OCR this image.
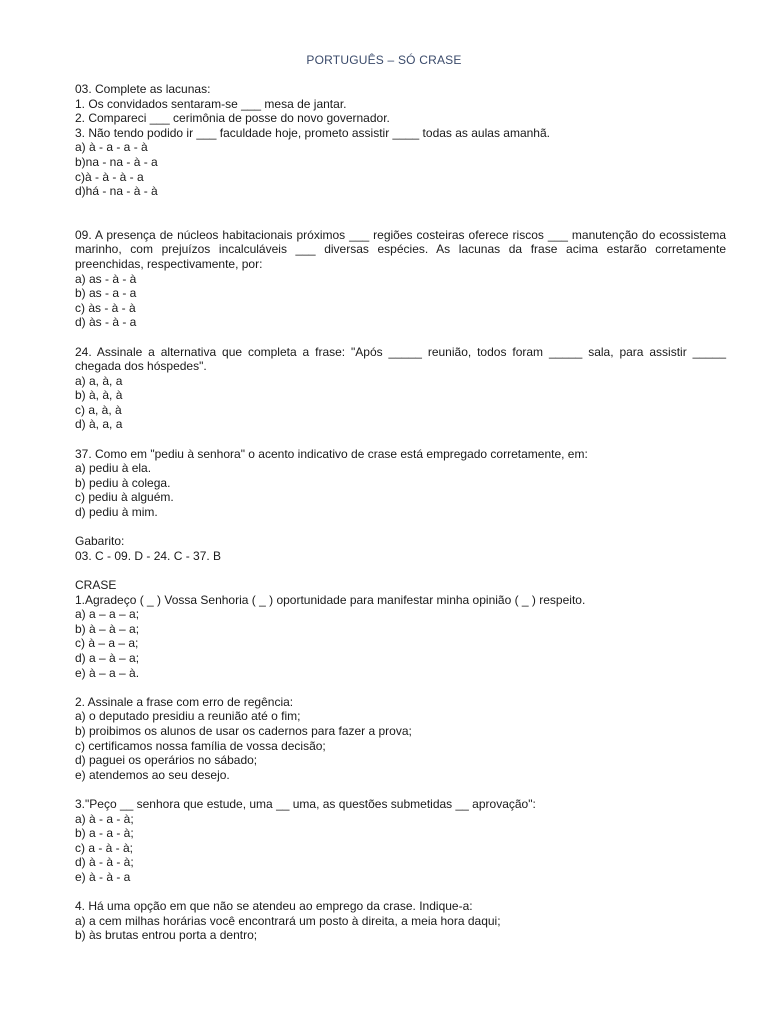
PORTUGUÊS – SÓ CRASE
03. Complete as lacunas:
1. Os convidados sentaram-se ___ mesa de jantar.
2. Compareci ___ cerimônia de posse do novo governador.
3. Não tendo podido ir ___ faculdade hoje, prometo assistir ____ todas as aulas amanhã.
a) à - a - a - à
b)na - na - à - a
c)à - à - à - a
d)há - na - à - à
09. A presença de núcleos habitacionais próximos ___ regiões costeiras oferece riscos ___ manutenção do ecossistema marinho, com prejuízos incalculáveis ___ diversas espécies. As lacunas da frase acima estarão corretamente preenchidas, respectivamente, por:
a) as - à - à
b) as - a - a
c) às - à - à
d) às - à - a
24. Assinale a alternativa que completa a frase: "Após _____ reunião, todos foram _____ sala, para assistir _____ chegada dos hóspedes".
a) a, à, a
b) à, à, à
c) a, à, à
d) à, a, a
37. Como em "pediu à senhora" o acento indicativo de crase está empregado corretamente, em:
a) pediu à ela.
b) pediu à colega.
c) pediu à alguém.
d) pediu à mim.
Gabarito:
03. C - 09. D - 24. C - 37. B
CRASE
1.Agradeço ( _ ) Vossa Senhoria ( _ ) oportunidade para manifestar minha opinião ( _ ) respeito.
a) a – a – a;
b) à – à – a;
c) à – a – a;
d) a – à – a;
e) à – a – à.
2. Assinale a frase com erro de regência:
a) o deputado presidiu a reunião até o fim;
b) proibimos os alunos de usar os cadernos para fazer a prova;
c) certificamos nossa família de vossa decisão;
d) paguei os operários no sábado;
e) atendemos ao seu desejo.
3."Peço __ senhora que estude, uma __ uma, as questões submetidas __ aprovação":
a) à - a - à;
b) a - a - à;
c) a - à - à;
d) à - à - à;
e) à - à - a
4. Há uma opção em que não se atendeu ao emprego da crase. Indique-a:
a) a cem milhas horárias você encontrará um posto à direita, a meia hora daqui;
b) às brutas entrou porta a dentro;
